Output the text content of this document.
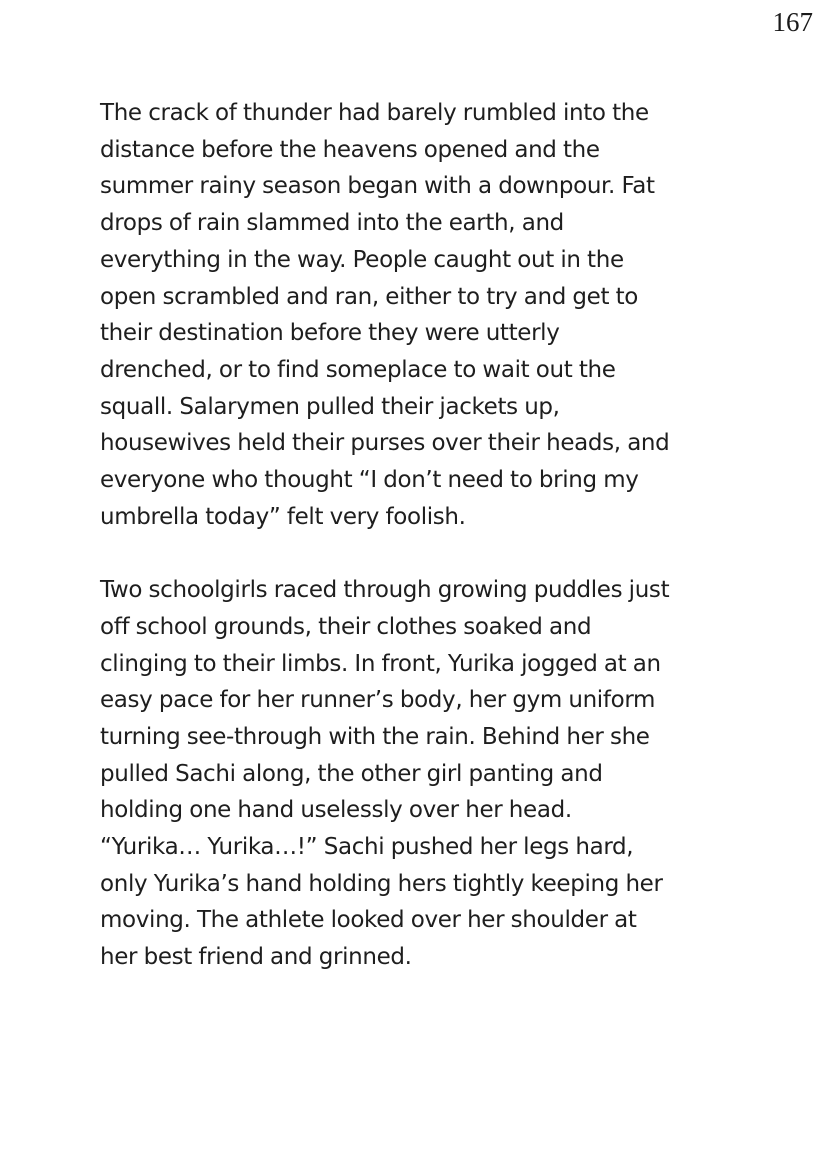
167

The crack of thunder had barely rumbled into the
distance before the heavens opened and the
summer rainy season began with a downpour. Fat
drops of rain slammed into the earth, and
everything in the way. People caught out in the
open scrambled and ran, either to try and get to
their destination before they were utterly
drenched, or to find someplace to wait out the
squall. Salarymen pulled their jackets up,
housewives held their purses over their heads, and
everyone who thought “I don’t need to bring my
umbrella today” felt very foolish.

Two schoolgirls raced through growing puddles just
off school grounds, their clothes soaked and
clinging to their limbs. In front, Yurika jogged at an
easy pace for her runner’s body, her gym uniform
turning see-through with the rain. Behind her she
pulled Sachi along, the other girl panting and
holding one hand uselessly over her head.
“Yurika… Yurika…!” Sachi pushed her legs hard,
only Yurika’s hand holding hers tightly keeping her
moving. The athlete looked over her shoulder at
her best friend and grinned.
